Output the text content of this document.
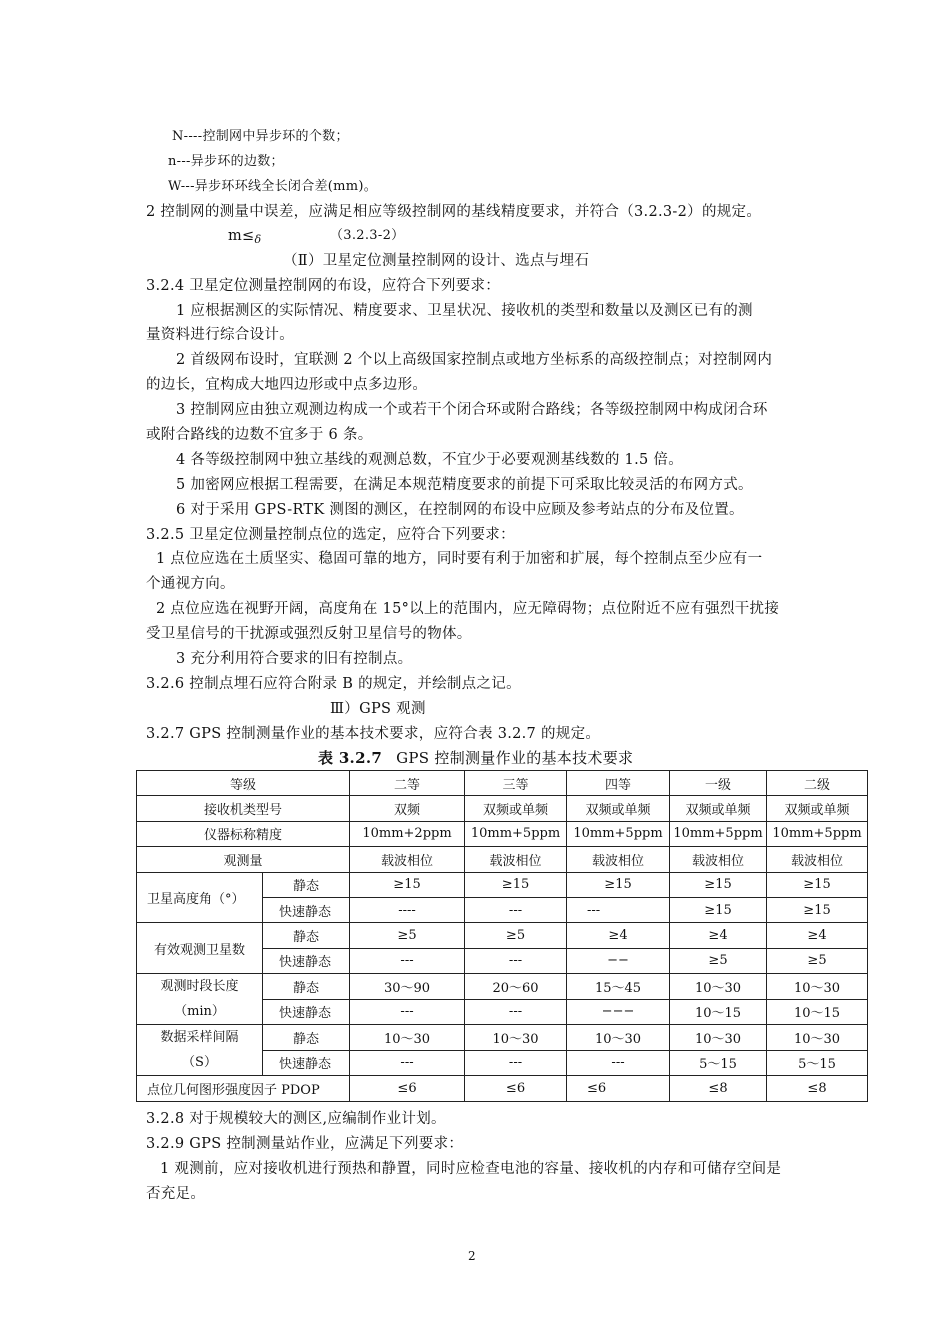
N----控制网中异步环的个数；
n---异步环的边数；
W---异步环环线全长闭合差(mm)。
2 控制网的测量中误差，应满足相应等级控制网的基线精度要求，并符合（3.2.3-2）的规定。
$m\le_\delta$	（3.2.3-2）
（Ⅱ）卫星定位测量控制网的设计、选点与埋石
3.2.4 卫星定位测量控制网的布设，应符合下列要求：
1 应根据测区的实际情况、精度要求、卫星状况、接收机的类型和数量以及测区已有的测
量资料进行综合设计。
2 首级网布设时，宜联测 2 个以上高级国家控制点或地方坐标系的高级控制点；对控制网内
的边长，宜构成大地四边形或中点多边形。
3 控制网应由独立观测边构成一个或若干个闭合环或附合路线；各等级控制网中构成闭合环
或附合路线的边数不宜多于 6 条。
4 各等级控制网中独立基线的观测总数，不宜少于必要观测基线数的 1.5 倍。
5 加密网应根据工程需要，在满足本规范精度要求的前提下可采取比较灵活的布网方式。
6 对于采用 GPS-RTK 测图的测区，在控制网的布设中应顾及参考站点的分布及位置。
3.2.5 卫星定位测量控制点位的选定，应符合下列要求：
1 点位应选在土质坚实、稳固可靠的地方，同时要有利于加密和扩展，每个控制点至少应有一
个通视方向。
2 点位应选在视野开阔，高度角在 15°以上的范围内，应无障碍物；点位附近不应有强烈干扰接
受卫星信号的干扰源或强烈反射卫星信号的物体。
3 充分利用符合要求的旧有控制点。
3.2.6 控制点埋石应符合附录 B 的规定，并绘制点之记。
Ⅲ）GPS 观测
3.2.7 GPS 控制测量作业的基本技术要求，应符合表 3.2.7 的规定。
表 3.2.7 GPS 控制测量作业的基本技术要求
等级		二等	三等	四等	一级	二级
接收机类型号		双频	双频或单频	双频或单频	双频或单频	双频或单频
仪器标称精度		10mm+2ppm	10mm+5ppm	10mm+5ppm	10mm+5ppm	10mm+5ppm
观测量		载波相位	载波相位	载波相位	载波相位	载波相位
卫星高度角（°）	静态	≥15	≥15	≥15	≥15	≥15
	快速静态	----	---	---	≥15	≥15
有效观测卫星数	静态	≥5	≥5	≥4	≥4	≥4
	快速静态	---	---	−−	≥5	≥5
观测时段长度
（min）	静态	30～90	20～60	15～45	10～30	10～30
	快速静态	---	---	−−−	10～15	10～15
数据采样间隔
（S）	静态	10～30	10～30	10～30	10～30	10～30
	快速静态	---	---	---	5～15	5～15
点位几何图形强度因子 PDOP		≤6	≤6	≤6	≤8	≤8
3.2.8 对于规模较大的测区,应编制作业计划。
3.2.9 GPS 控制测量站作业，应满足下列要求：
1 观测前，应对接收机进行预热和静置，同时应检查电池的容量、接收机的内存和可储存空间是
否充足。
2
